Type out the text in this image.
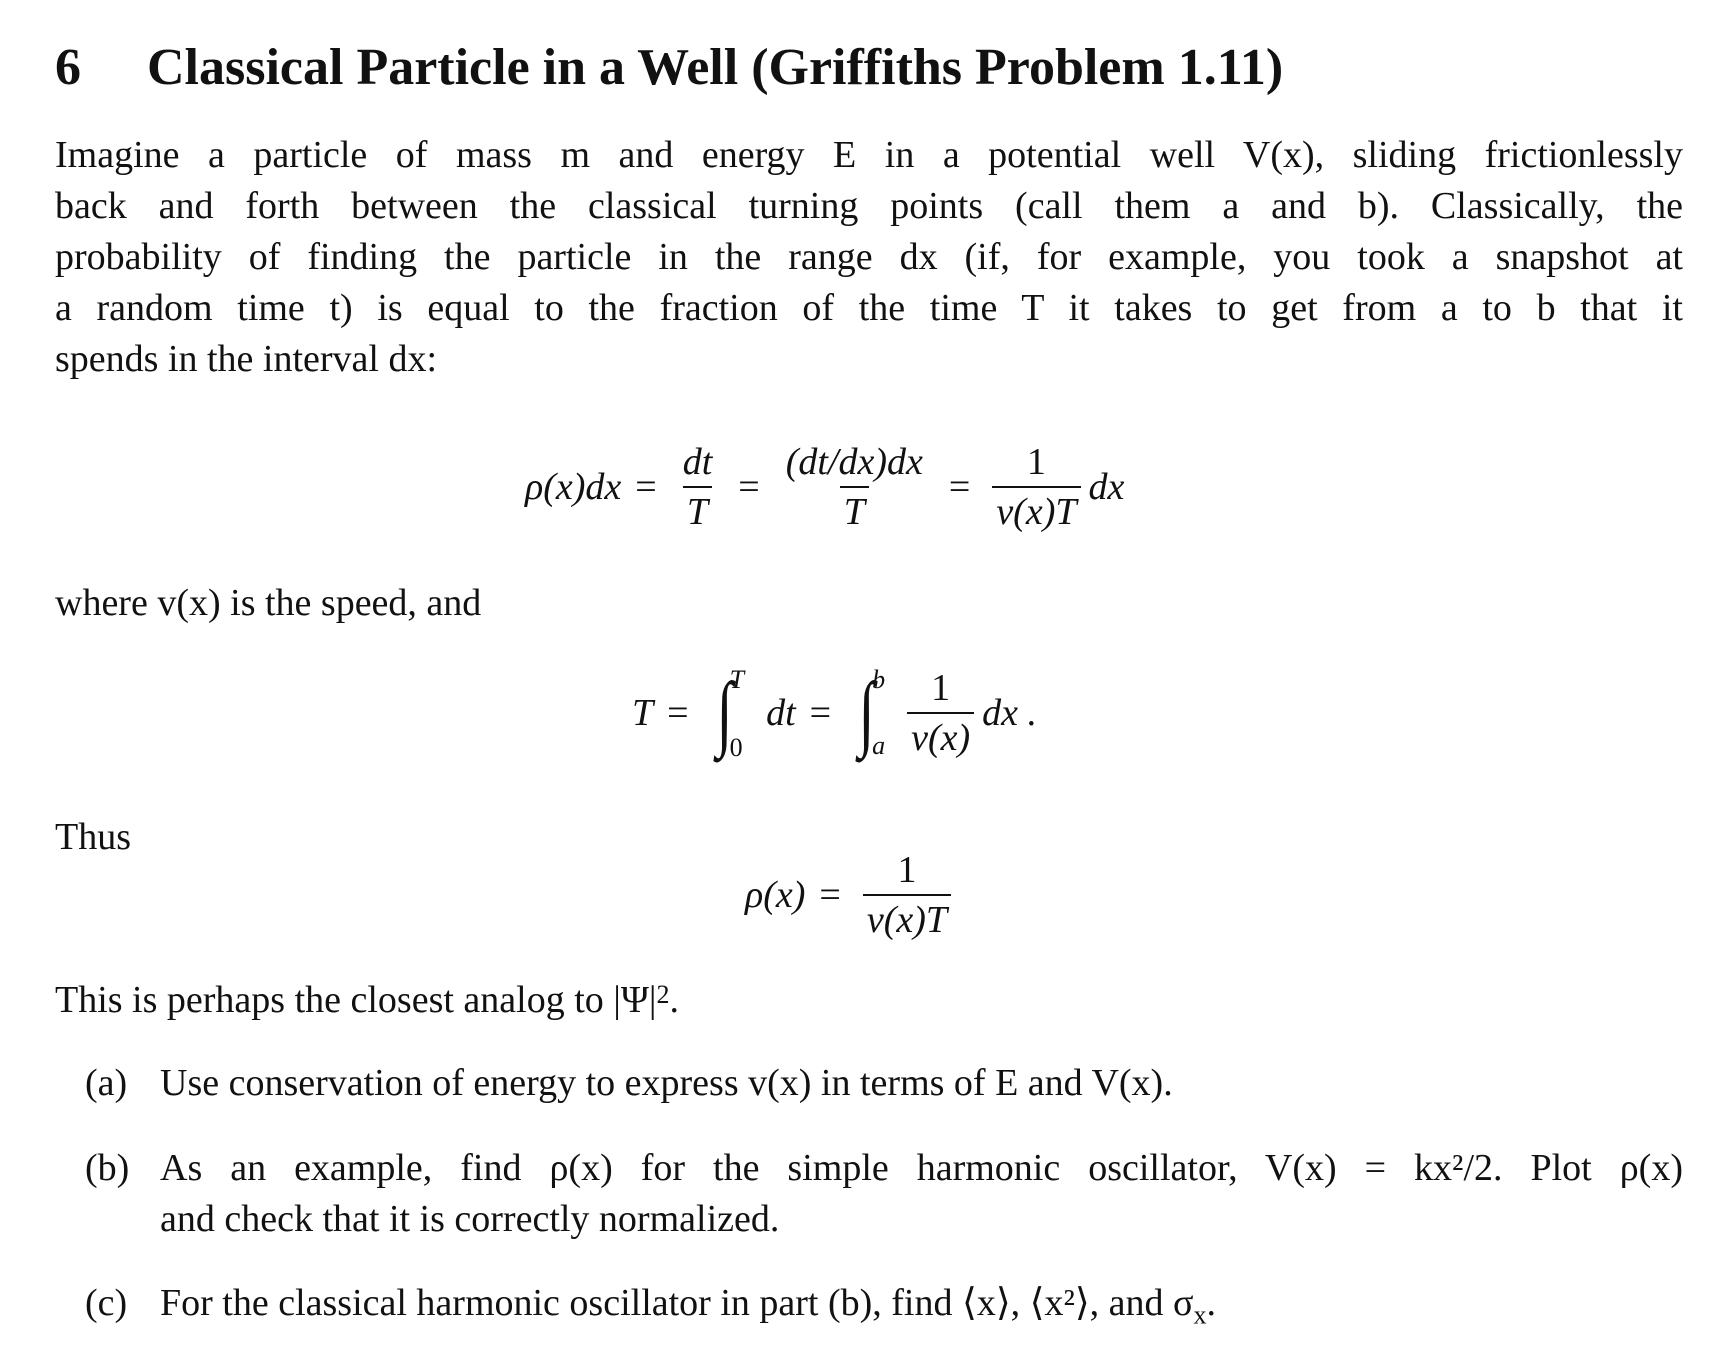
6 Classical Particle in a Well (Griffiths Problem 1.11)
Imagine a particle of mass m and energy E in a potential well V(x), sliding frictionlessly
back and forth between the classical turning points (call them a and b). Classically, the
probability of finding the particle in the range dx (if, for example, you took a snapshot at
a random time t) is equal to the fraction of the time T it takes to get from a to b that it
spends in the interval dx:
$\rho(x)dx = \frac{dt}{T} = \frac{(dt/dx)dx}{T} = \frac{1}{v(x)T}$ dx
where v(x) is the speed, and
T = ∫
T
0
dt = ∫
b
a $\frac{1}{v(x)}$ dx .
Thus
$\rho(x) = \frac{1}{v(x)T}$
This is perhaps the closest analog to $|\Psi|^2$.
(a) Use conservation of energy to express v(x) in terms of E and V(x).
(b) As an example, find ρ(x) for the simple harmonic oscillator, V(x) = kx²/2. Plot ρ(x)
and check that it is correctly normalized.
(c) For the classical harmonic oscillator in part (b), find ⟨x⟩, ⟨x²⟩, and $\sigma_x$.
